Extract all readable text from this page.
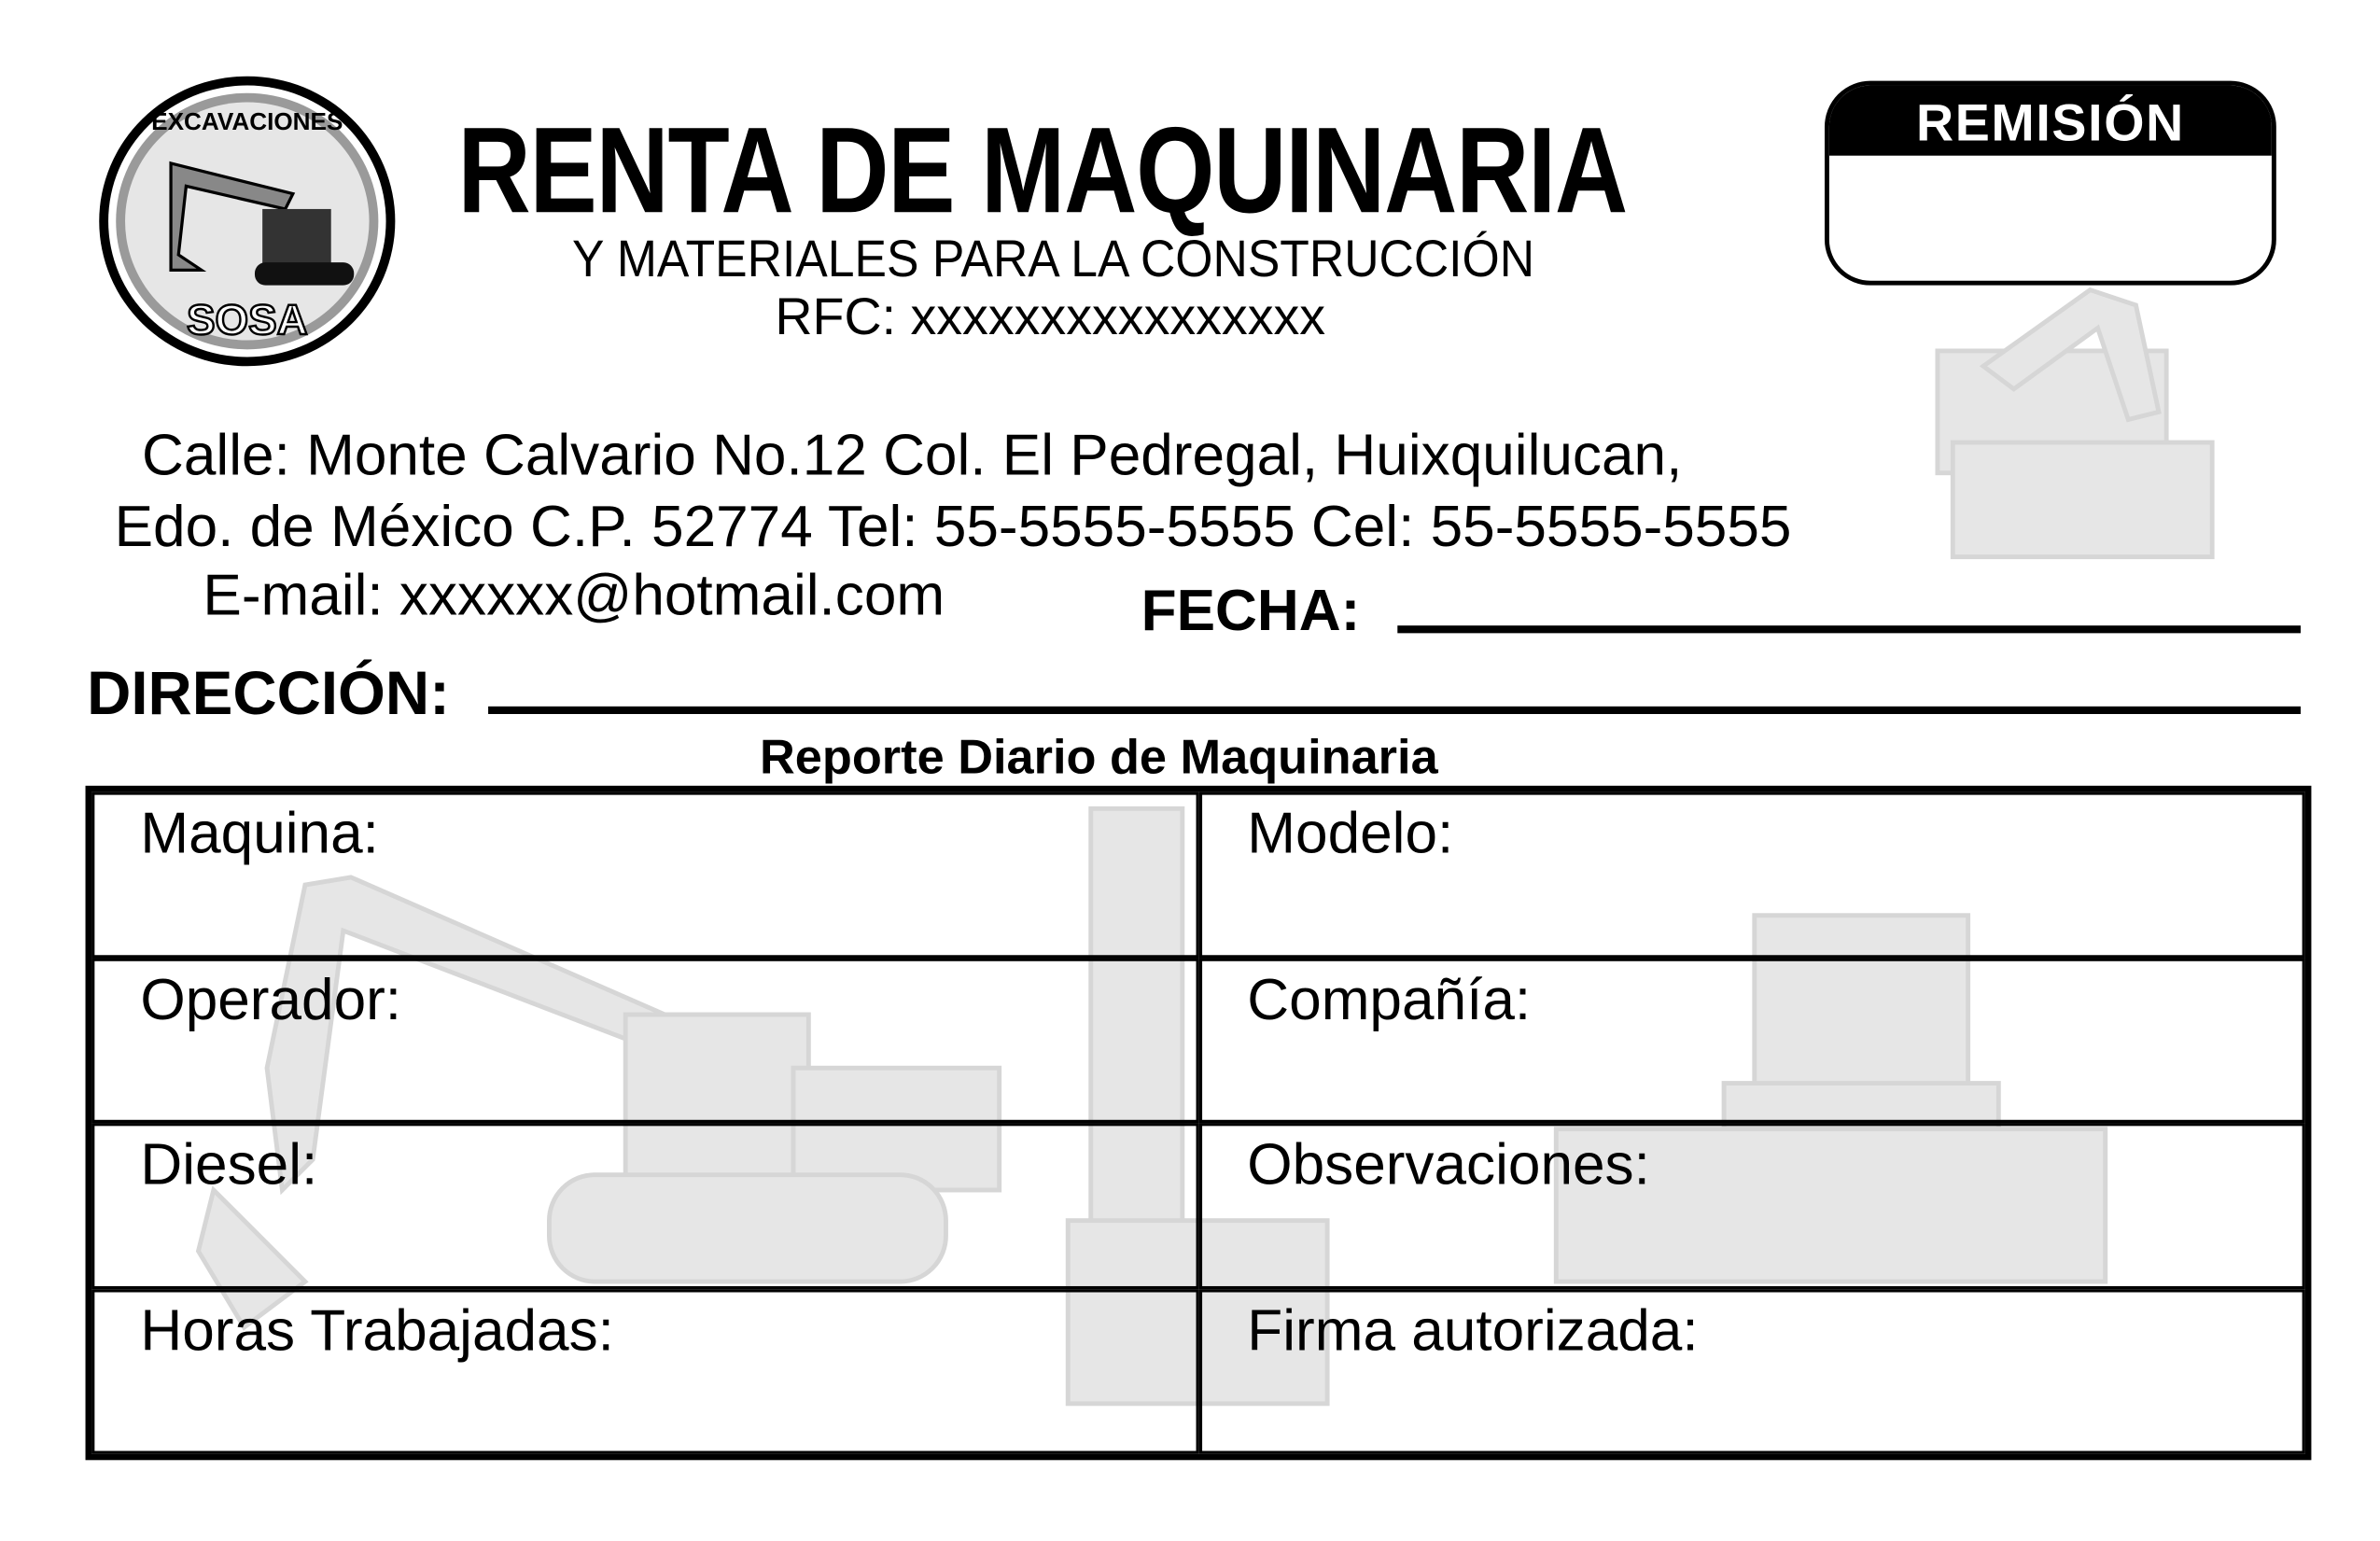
EXCAVACIONES
SOSA
RENTA DE MAQUINARIA
Y MATERIALES PARA LA CONSTRUCCIÓN
RFC: xxxxxxxxxxxxxxxx
REMISIÓN
Calle: Monte Calvario No.12 Col. El Pedregal, Huixquilucan,
Edo. de México C.P. 52774 Tel: 55-5555-5555 Cel: 55-5555-5555
E-mail: xxxxxx@hotmail.com	FECHA:
DIRECCIÓN:
Reporte Diario de Maquinaria
Maquina:	Modelo:
Operador:	Compañía:
Diesel:	Observaciones:
Horas Trabajadas:	Firma autorizada:
